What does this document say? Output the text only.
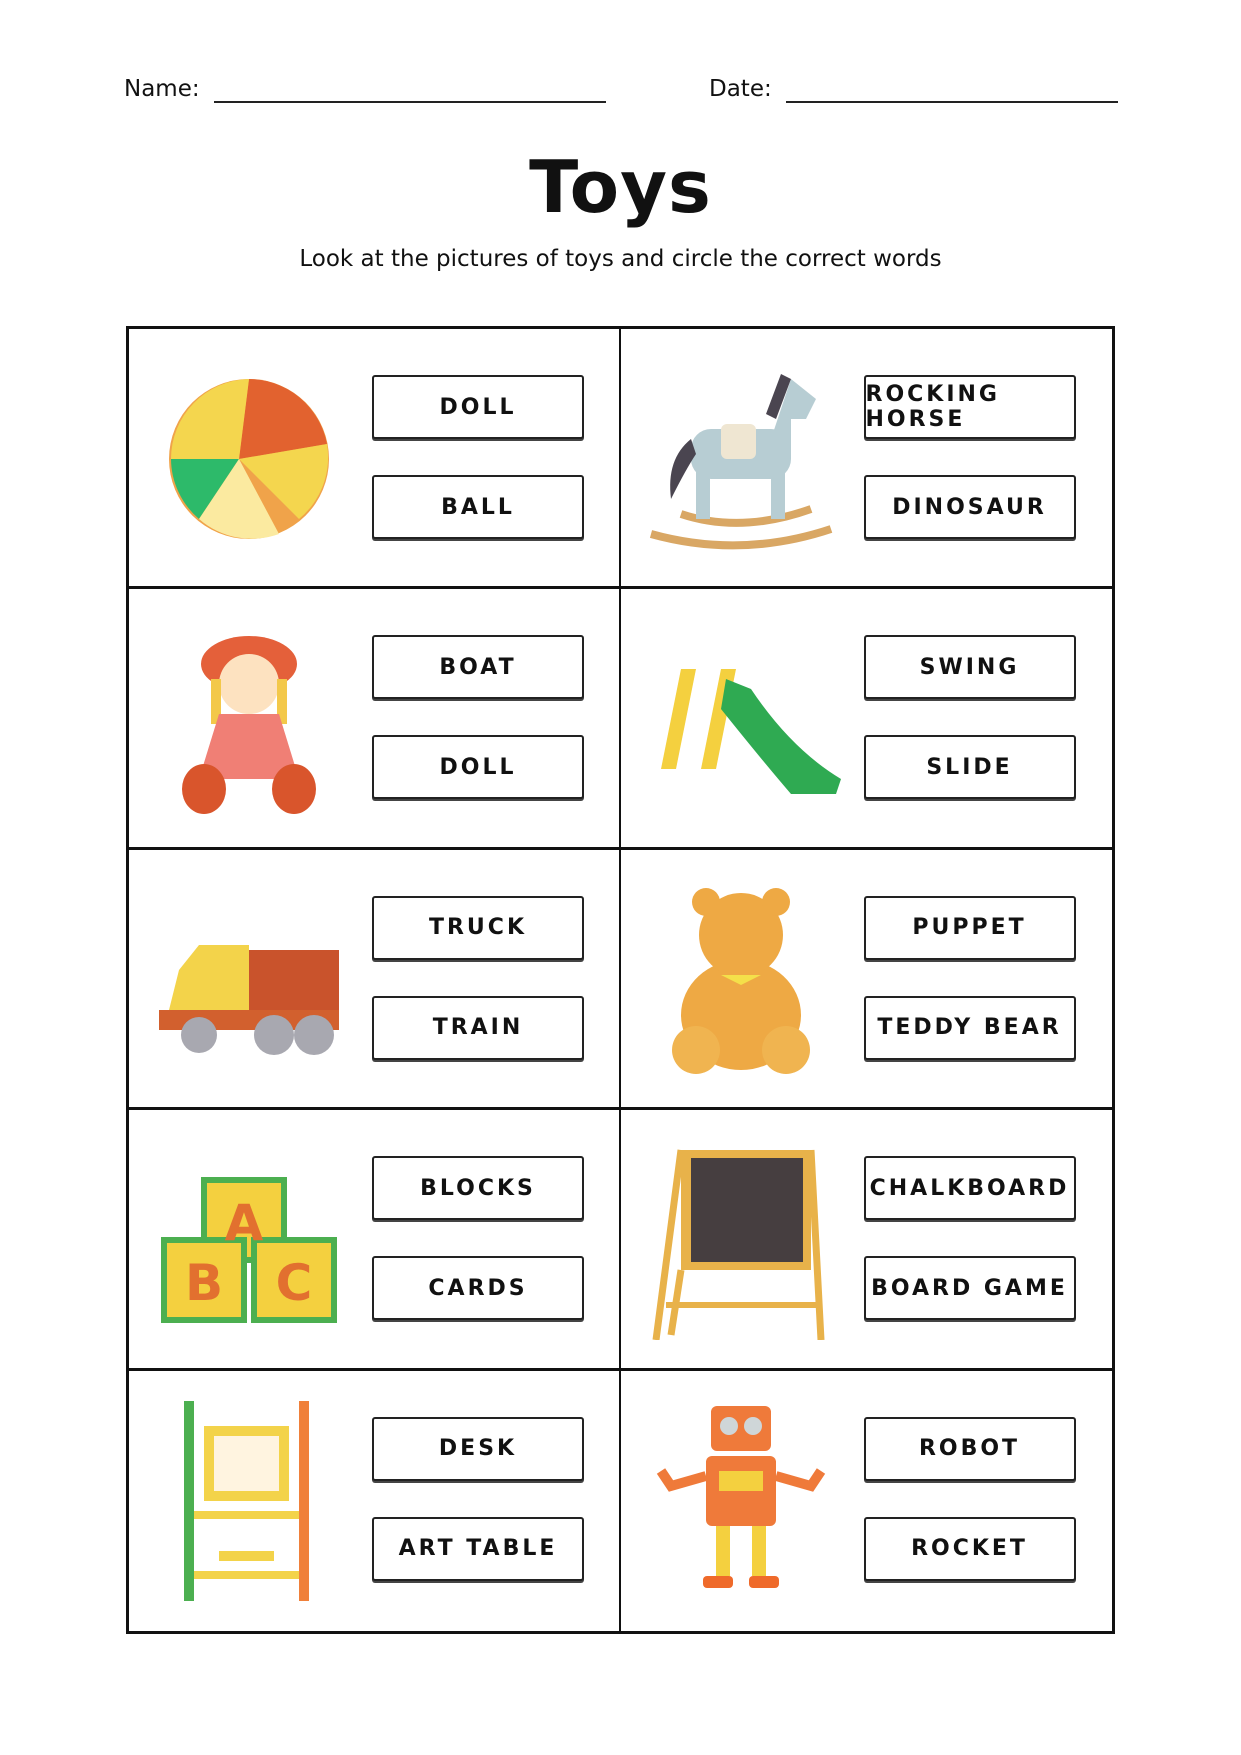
Name:	Date:
Toys
Look at the pictures of toys and circle the correct words
DOLL
BALL
ROCKING HORSE
DINOSAUR
BOAT
DOLL
SWING
SLIDE
TRUCK
TRAIN
PUPPET
TEDDY BEAR
A
B C
BLOCKS
CARDS
CHALKBOARD
BOARD GAME
DESK
ART TABLE
ROBOT
ROCKET
